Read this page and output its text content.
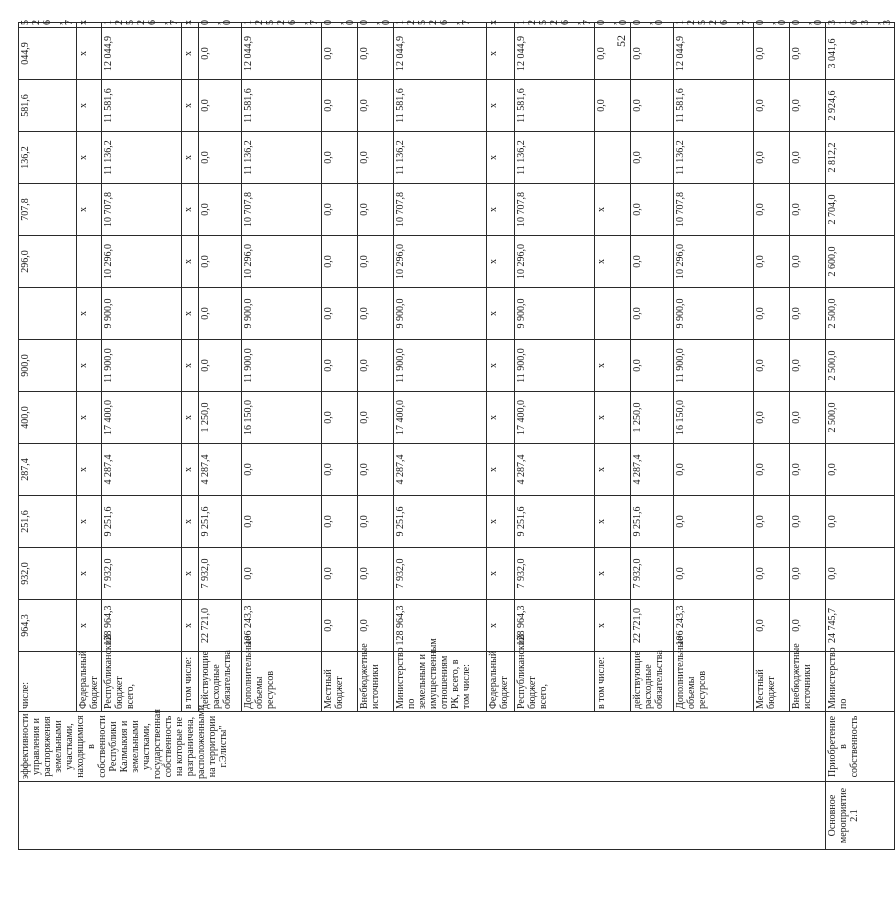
	эффективности управления и распоряжения земельными участками, находящимися в собственности Республики Калмыкия и земельными участками, государственная собственность на которые не разграничена, расположенными на территории г.Элисты"	числе:	964,3	932,0	251,6	287,4	400,0	900,0		296,0	707,8	136,2	581,6	044,9	526,7
		Федеральный бюджет	x	x	x	x	x	x	x		x	x	x	x	x
		Республиканский бюджет всего,	128 964,3	7 932,0	9 251,6	4 287,4	17 400,0	11 900,0	9 900,0	10 296,0	10 707,8	11 136,2	11 581,6	12 044,9	12 526,7
		в том числе:	x	x	x	x	x	x	x	x	x	x	x	x	x
		действующие расходные обязательства	22 721,0	7 932,0	9 251,6	4 287,4	1 250,0	0,0	0,0	0,0	0,0	0,0	0,0	0,0	0,0
		Дополнительные объемы ресурсов	106 243,3	0,0	0,0	0,0	16 150,0	11 900,0	9 900,0	10 296,0	10 707,8	11 136,2	11 581,6	12 044,9	12 526,7
		Местный бюджет	0,0	0,0	0,0	0,0	0,0	0,0	0,0	0,0	0,0	0,0	0,0	0,0	0,0
		Внебюджетные источники	0,0	0,0	0,0	0,0	0,0	0,0	0,0	0,0	0,0	0,0	0,0	0,0	0,0
		Министерство по земельным и имущественным отношениям РК, всего, в том числе:	128 964,3	7 932,0	9 251,6	4 287,4	17 400,0	11 900,0	9 900,0	10 296,0	10 707,8	11 136,2	11 581,6	12 044,9	12 526,7
		Федеральный бюджет	x	x	x	x	x	x	x	x	x	x	x	x	x
		Республиканский бюджет всего,	128 964,3	7 932,0	9 251,6	4 287,4	17 400,0	11 900,0	9 900,0	10 296,0	10 707,8	11 136,2	11 581,6	12 044,9	12 526,7
		в том числе:	x	x	x	x	x	x		x	x		0,0	0,0	0,0
		действующие расходные обязательства	22 721,0	7 932,0	9 251,6	4 287,4	1 250,0	0,0	0,0	0,0	0,0	0,0	0,0	0,0	0,0
		Дополнительные объемы ресурсов	106 243,3	0,0	0,0	0,0	16 150,0	11 900,0	9 900,0	10 296,0	10 707,8	11 136,2	11 581,6	12 044,9	12 526,7
		Местный бюджет	0,0	0,0	0,0	0,0	0,0	0,0	0,0	0,0	0,0	0,0	0,0	0,0	0,0
		Внебюджетные источники	0,0	0,0	0,0	0,0	0,0	0,0	0,0	0,0	0,0	0,0	0,0	0,0	0,0
Основное мероприятие 2.1	Приобретение в собственность	Министерство по	24 745,7	0,0	0,0	0,0	2 500,0	2 500,0	2 500,0	2 600,0	2 704,0	2 812,2	2 924,6	3 041,6	3 163,3
52
